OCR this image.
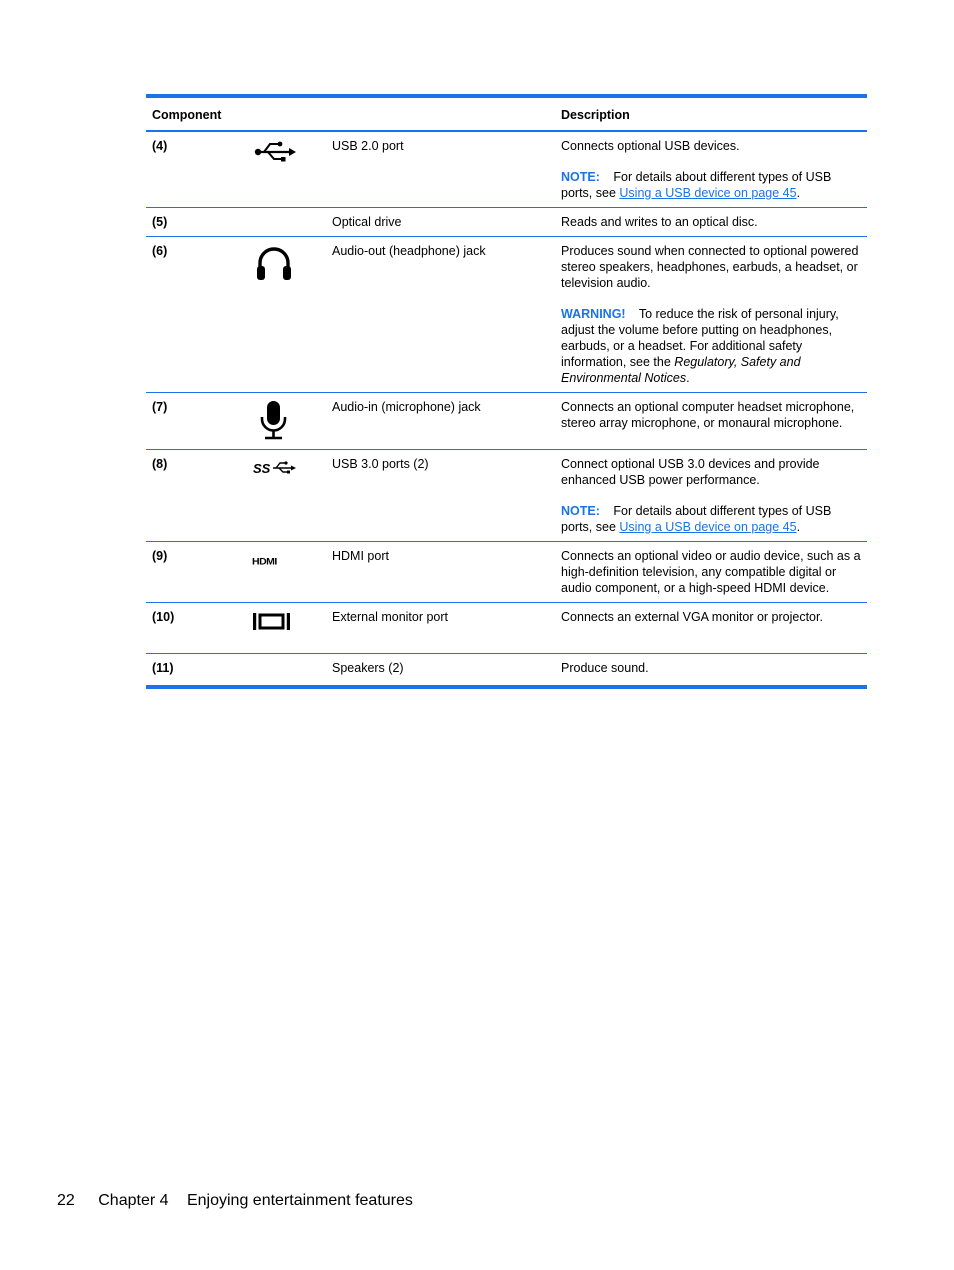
Component			Description
(4)		USB 2.0 port	Connects optional USB devices.

NOTE: For details about different types of USB ports, see Using a USB device on page 45.

(5)		Optical drive	Reads and writes to an optical disc.

(6)		Audio-out (headphone) jack	Produces sound when connected to optional powered stereo speakers, headphones, earbuds, a headset, or television audio.

WARNING! To reduce the risk of personal injury, adjust the volume before putting on headphones, earbuds, or a headset. For additional safety information, see the Regulatory, Safety and Environmental Notices.

(7)		Audio-in (microphone) jack	Connects an optional computer headset microphone, stereo array microphone, or monaural microphone.

(8)	SS	USB 3.0 ports (2)	Connect optional USB 3.0 devices and provide enhanced USB power performance.

NOTE: For details about different types of USB ports, see Using a USB device on page 45.

(9)	HDMI	HDMI port	Connects an optional video or audio device, such as a high-definition television, any compatible digital or audio component, or a high-speed HDMI device.

(10)		External monitor port	Connects an external VGA monitor or projector.

(11)		Speakers (2)	Produce sound.

22 Chapter 4 Enjoying entertainment features
